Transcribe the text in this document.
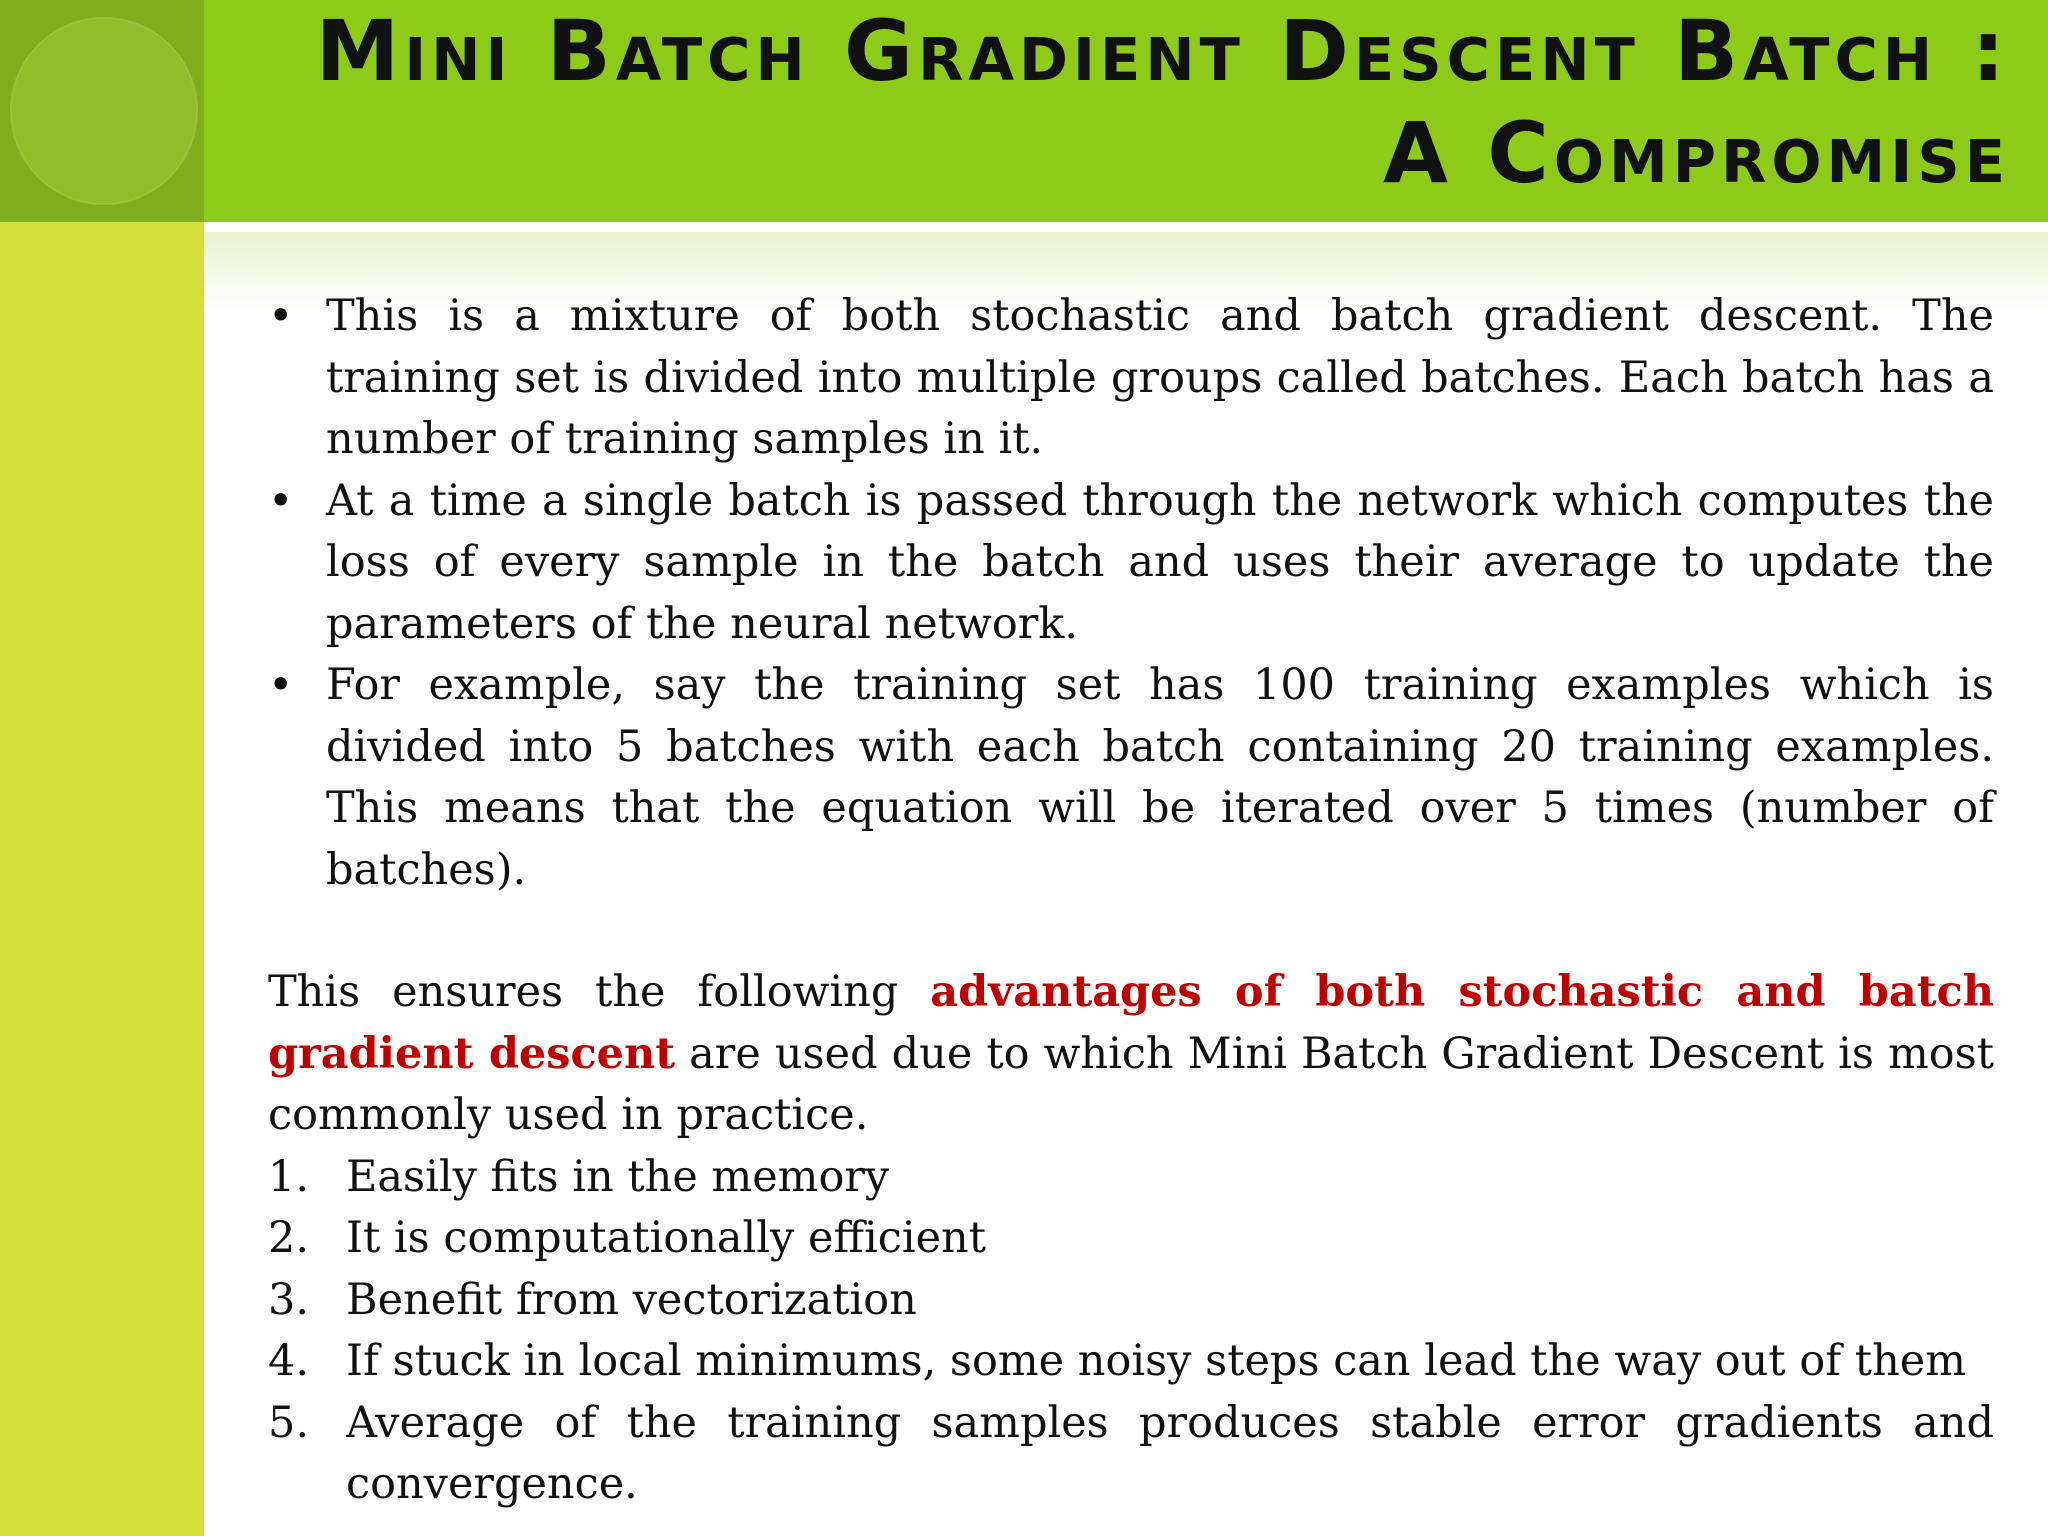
Mini Batch Gradient Descent Batch :
A Compromise
• This is a mixture of both stochastic and batch gradient descent. The training set is divided into multiple groups called batches. Each batch has a number of training samples in it.
• At a time a single batch is passed through the network which computes the loss of every sample in the batch and uses their average to update the parameters of the neural network.
• For example, say the training set has 100 training examples which is divided into 5 batches with each batch containing 20 training examples. This means that the equation will be iterated over 5 times (number of batches).

This ensures the following advantages of both stochastic and batch gradient descent are used due to which Mini Batch Gradient Descent is most commonly used in practice.

1. Easily fits in the memory
2. It is computationally efficient
3. Benefit from vectorization
4. If stuck in local minimums, some noisy steps can lead the way out of them
5. Average of the training samples produces stable error gradients and convergence.
